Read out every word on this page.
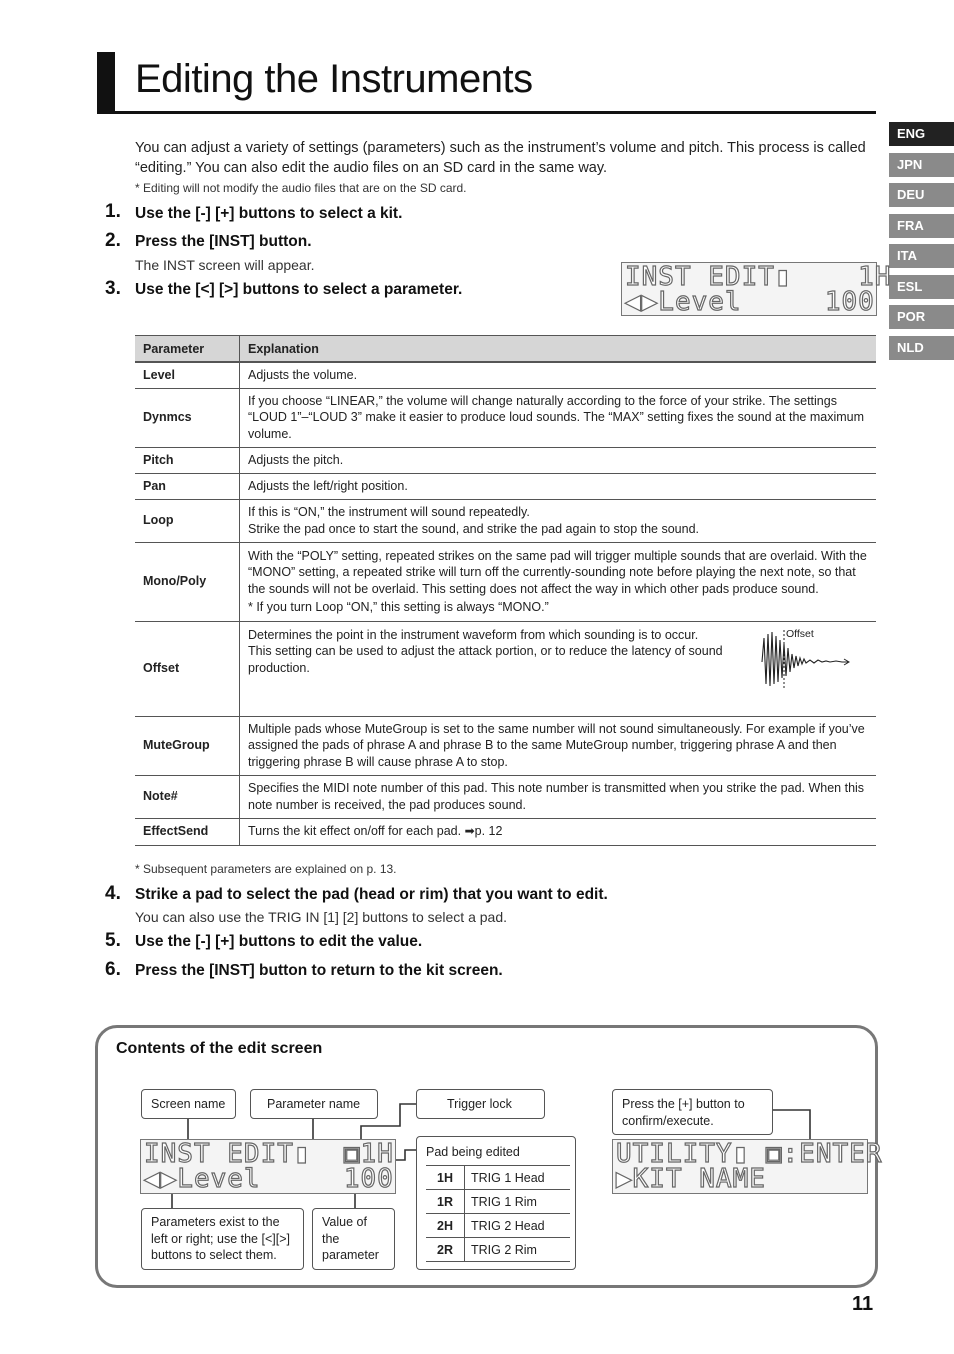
Editing the Instruments
ENG
JPN
DEU
FRA
ITA
ESL
POR
NLD
You can adjust a variety of settings (parameters) such as the instrument’s volume and pitch. This process is called “editing.” You can also edit the audio files on an SD card in the same way.
* Editing will not modify the audio files that are on the SD card.
1. Use the [-] [+] buttons to select a kit.
2. Press the [INST] button.
The INST screen will appear.
3. Use the [<] [>] buttons to select a parameter.	INST EDIT▮    1H
◀▶Level     100
Parameter	Explanation
Level	Adjusts the volume.
Dynmcs	If you choose “LINEAR,” the volume will change naturally according to the force of your strike. The settings “LOUD 1”–“LOUD 3” make it easier to produce loud sounds. The “MAX” setting fixes the sound at the maximum volume.
Pitch	Adjusts the pitch.
Pan	Adjusts the left/right position.
Loop	If this is “ON,” the instrument will sound repeatedly.
Strike the pad once to start the sound, and strike the pad again to stop the sound.
Mono/Poly	With the “POLY” setting, repeated strikes on the same pad will trigger multiple sounds that are overlaid. With the “MONO” setting, a repeated strike will turn off the currently-sounding note before playing the next note, so that the sounds will not be overlaid. This setting does not affect the way in which other pads produce sound.
* If you turn Loop “ON,” this setting is always “MONO.”

Offset	Determines the point in the instrument waveform from which sounding is to occur.
This setting can be used to adjust the attack portion, or to reduce the latency of sound production.
Offset

MuteGroup	Multiple pads whose MuteGroup is set to the same number will not sound simultaneously. For example if you’ve assigned the pads of phrase A and phrase B to the same MuteGroup number, triggering phrase A and then triggering phrase B will cause phrase A to stop.
Note#	Specifies the MIDI note number of this pad. This note number is transmitted when you strike the pad. When this note number is received, the pad produces sound.
EffectSend	Turns the kit effect on/off for each pad. ➡p. 12
* Subsequent parameters are explained on p. 13.
4. Strike a pad to select the pad (head or rim) that you want to edit.
You can also use the TRIG IN [1] [2] buttons to select a pad.
5. Use the [-] [+] buttons to edit the value.
6. Press the [INST] button to return to the kit screen.
Contents of the edit screen
Screen name	Parameter name	Trigger lock	Press the [+] button to confirm/execute.
INST EDIT▮  ▣1H
◀▶Level     100
UTILITY▮ ▣:ENTER
▶KIT NAME
Parameters exist to the left or right; use the [<][>] buttons to select them.
Value of the parameter
Pad being edited
1H	TRIG 1 Head
1R	TRIG 1 Rim
2H	TRIG 2 Head
2R	TRIG 2 Rim
11
